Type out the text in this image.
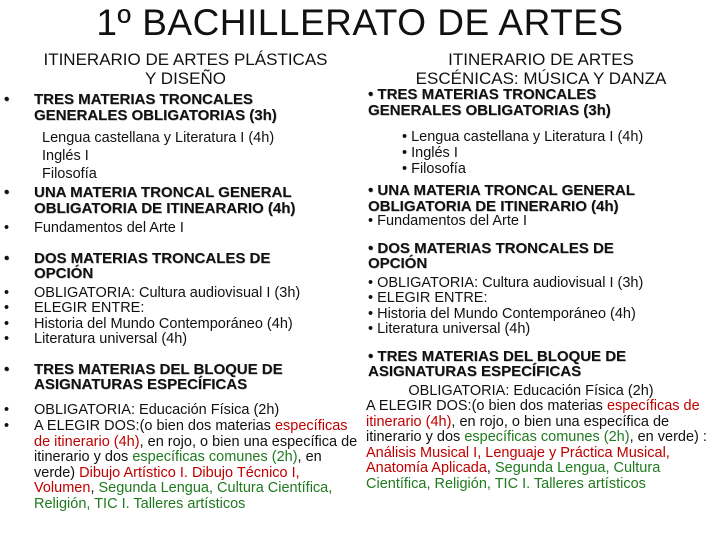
1º BACHILLERATO DE ARTES
ITINERARIO DE ARTES PLÁSTICAS
Y DISEÑO
• TRES MATERIAS TRONCALES
GENERALES OBLIGATORIAS (3h)
Lengua castellana y Literatura I (4h)
Inglés I
Filosofía
• UNA MATERIA TRONCAL GENERAL
OBLIGATORIA DE ITINEARARIO (4h)
• Fundamentos del Arte I
• DOS MATERIAS TRONCALES DE
OPCIÓN
• OBLIGATORIA: Cultura audiovisual I (3h)
• ELEGIR ENTRE:
• Historia del Mundo Contemporáneo (4h)
• Literatura universal (4h)
• TRES MATERIAS DEL BLOQUE DE
ASIGNATURAS ESPECÍFICAS
• OBLIGATORIA: Educación Física (2h)
• A ELEGIR DOS:(o bien dos materias específicas de itinerario (4h), en rojo, o bien una específica de itinerario y dos específicas comunes (2h), en verde) Dibujo Artístico I. Dibujo Técnico I, Volumen, Segunda Lengua, Cultura Científica, Religión, TIC I. Talleres artísticos
ITINERARIO DE ARTES
ESCÉNICAS: MÚSICA Y DANZA
• TRES MATERIAS TRONCALES
GENERALES OBLIGATORIAS (3h)
• Lengua castellana y Literatura I (4h)
• Inglés I
• Filosofía
• UNA MATERIA TRONCAL GENERAL
OBLIGATORIA DE ITINERARIO (4h)
• Fundamentos del Arte I
• DOS MATERIAS TRONCALES DE
OPCIÓN
• OBLIGATORIA: Cultura audiovisual I (3h)
• ELEGIR ENTRE:
• Historia del Mundo Contemporáneo (4h)
• Literatura universal (4h)
• TRES MATERIAS DEL BLOQUE DE
ASIGNATURAS ESPECÍFICAS
OBLIGATORIA: Educación Física (2h)
A ELEGIR DOS:(o bien dos materias específicas de itinerario (4h), en rojo, o bien una específica de itinerario y dos específicas comunes (2h), en verde) : Análisis Musical I, Lenguaje y Práctica Musical, Anatomía Aplicada, Segunda Lengua, Cultura Científica, Religión, TIC I. Talleres artísticos
